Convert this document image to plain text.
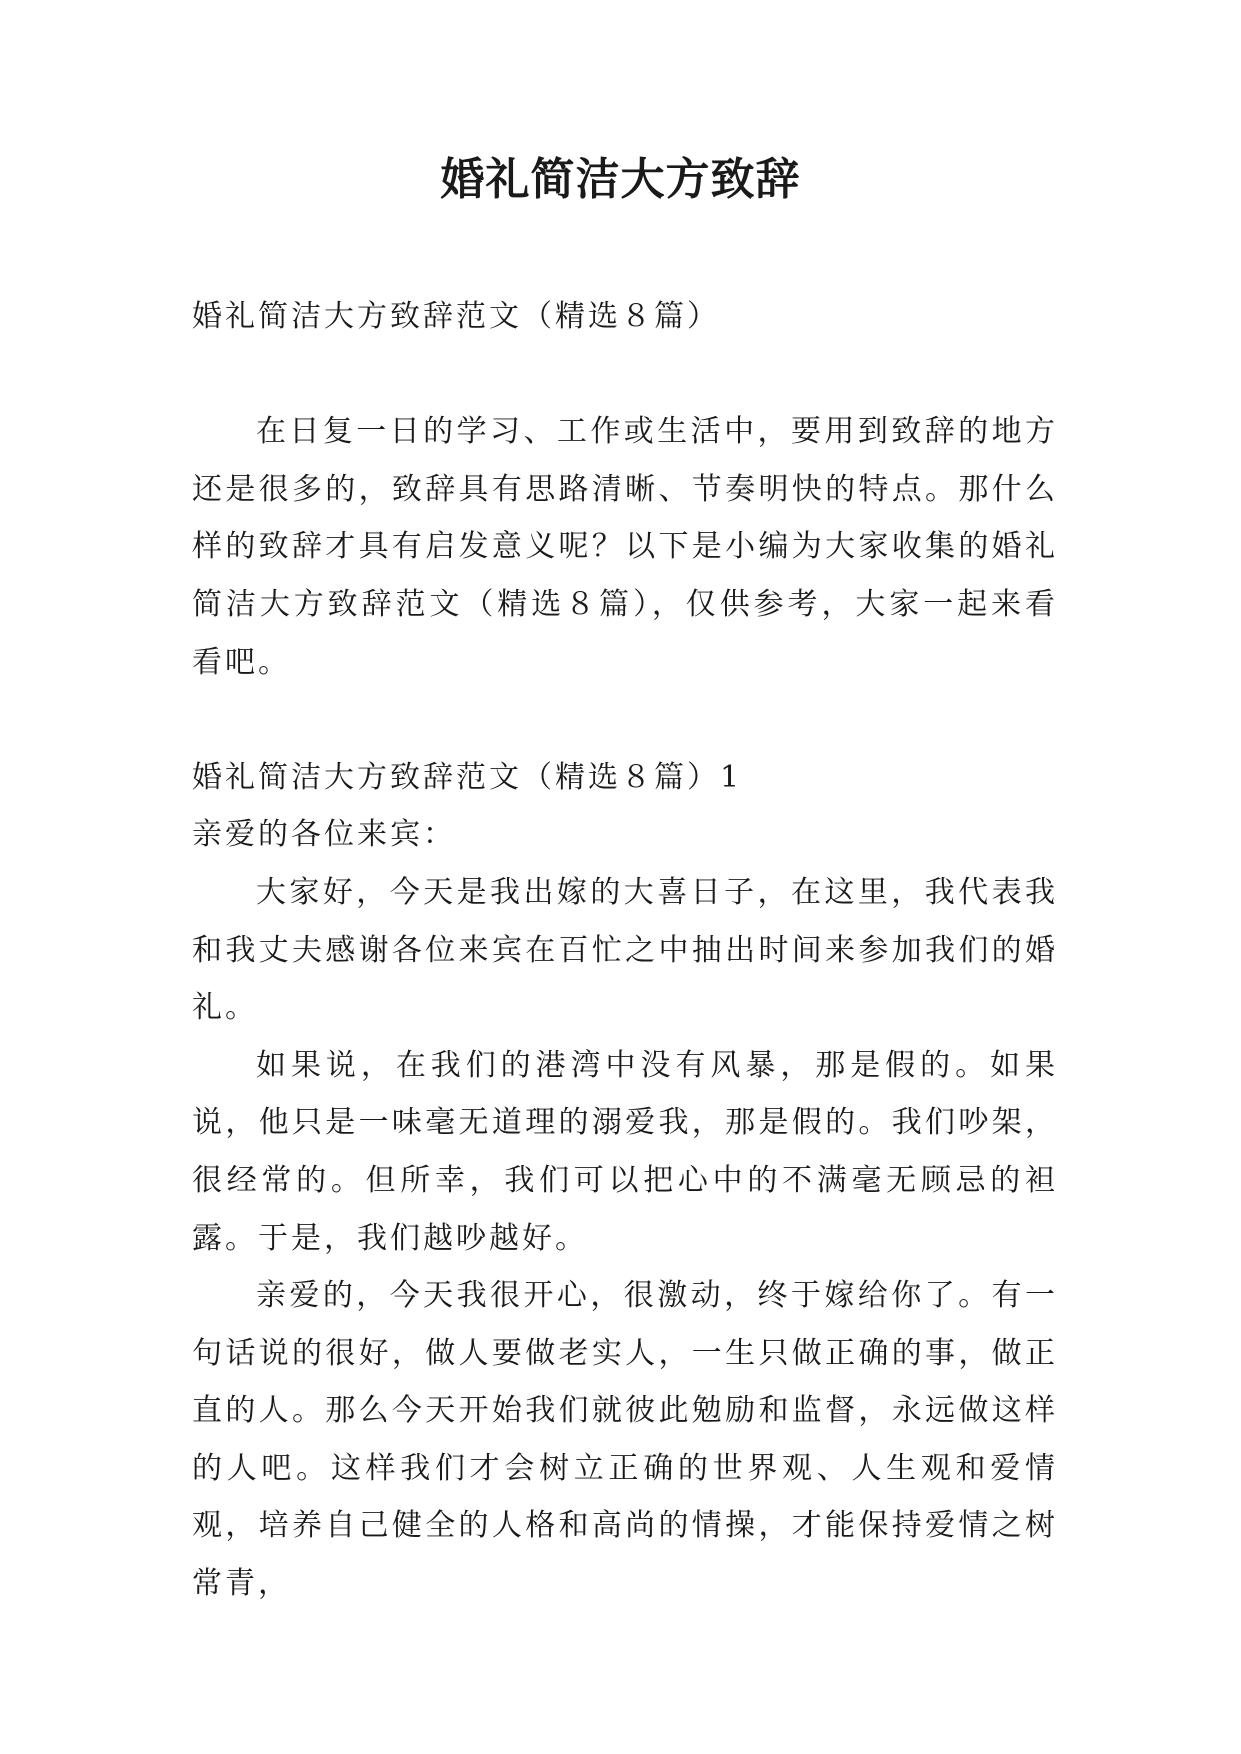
婚礼简洁大方致辞

婚礼简洁大方致辞范文（精选８篇）

在日复一日的学习、工作或生活中，要用到致辞的地方还是很多的，致辞具有思路清晰、节奏明快的特点。那什么样的致辞才具有启发意义呢？以下是小编为大家收集的婚礼简洁大方致辞范文（精选８篇），仅供参考，大家一起来看看吧。

婚礼简洁大方致辞范文（精选８篇）1

亲爱的各位来宾：

大家好，今天是我出嫁的大喜日子，在这里，我代表我和我丈夫感谢各位来宾在百忙之中抽出时间来参加我们的婚礼。

如果说，在我们的港湾中没有风暴，那是假的。如果说，他只是一味毫无道理的溺爱我，那是假的。我们吵架，很经常的。但所幸，我们可以把心中的不满毫无顾忌的袒露。于是，我们越吵越好。

亲爱的，今天我很开心，很激动，终于嫁给你了。有一句话说的很好，做人要做老实人，一生只做正确的事，做正直的人。那么今天开始我们就彼此勉励和监督，永远做这样的人吧。这样我们才会树立正确的世界观、人生观和爱情观，培养自己健全的人格和高尚的情操，才能保持爱情之树常青，
